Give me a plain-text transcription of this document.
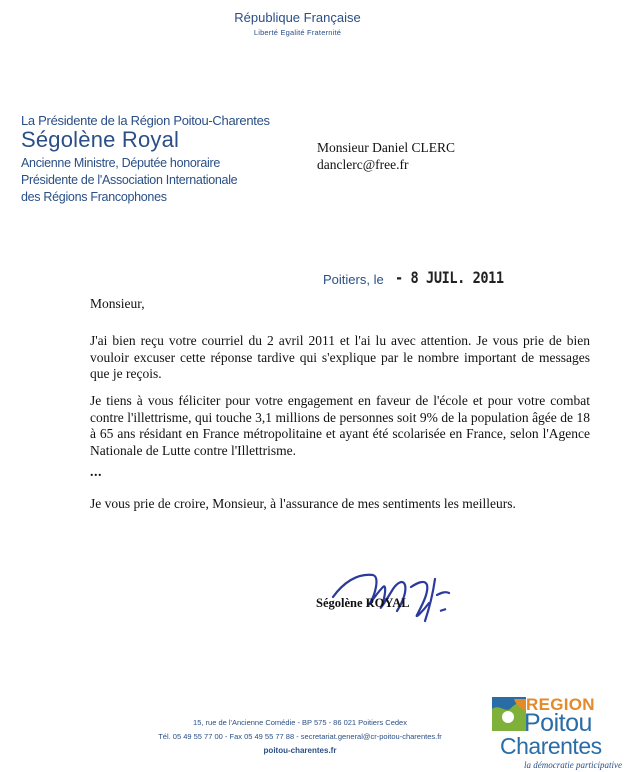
République Française
Liberté Egalité Fraternité
La Présidente de la Région Poitou-Charentes
Ségolène Royal
Ancienne Ministre, Députée honoraire
Présidente de l'Association Internationale
des Régions Francophones
Monsieur Daniel CLERC
danclerc@free.fr
Poitiers, le - 8 JUIL. 2011
Monsieur,
J'ai bien reçu votre courriel du 2 avril 2011 et l'ai lu avec attention. Je vous prie de bien vouloir excuser cette réponse tardive qui s'explique par le nombre important de messages que je reçois.
Je tiens à vous féliciter pour votre engagement en faveur de l'école et pour votre combat contre l'illettrisme, qui touche 3,1 millions de personnes soit 9% de la population âgée de 18 à 65 ans résidant en France métropolitaine et ayant été scolarisée en France, selon l'Agence Nationale de Lutte contre l'Illettrisme.
...
Je vous prie de croire, Monsieur, à l'assurance de mes sentiments les meilleurs.
Ségolène ROYAL
15, rue de l'Ancienne Comédie - BP 575 - 86 021 Poitiers Cedex
Tél. 05 49 55 77 00 - Fax 05 49 55 77 88 - secretariat.general@cr-poitou-charentes.fr
poitou-charentes.fr
REGION
Poitou
Charentes
la démocratie participative
